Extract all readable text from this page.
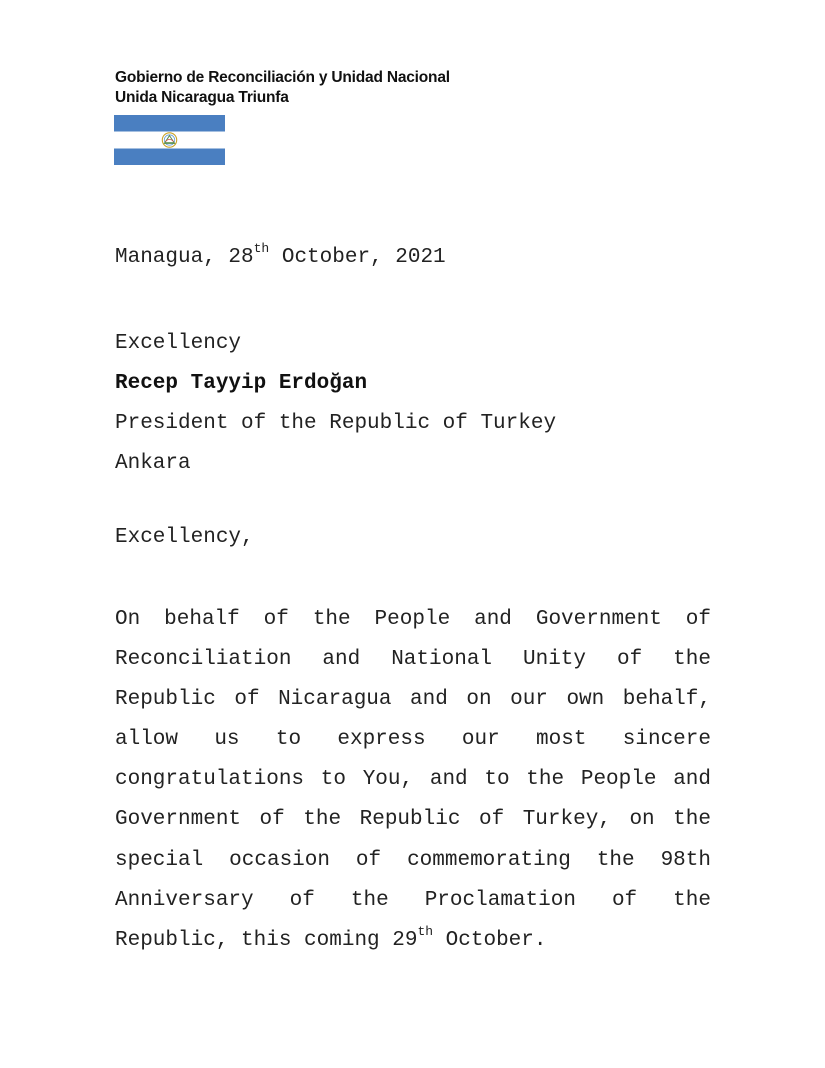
Gobierno de Reconciliación y Unidad Nacional
Unida Nicaragua Triunfa
Managua, 28th October, 2021
Excellency
Recep Tayyip Erdoğan
President of the Republic of Turkey
Ankara
Excellency,

On behalf of the People and Government of Reconciliation and National Unity of the Republic of Nicaragua and on our own behalf, allow us to express our most sincere congratulations to You, and to the People and Government of the Republic of Turkey, on the special occasion of commemorating the 98th Anniversary of the Proclamation of the Republic, this coming 29th October.
